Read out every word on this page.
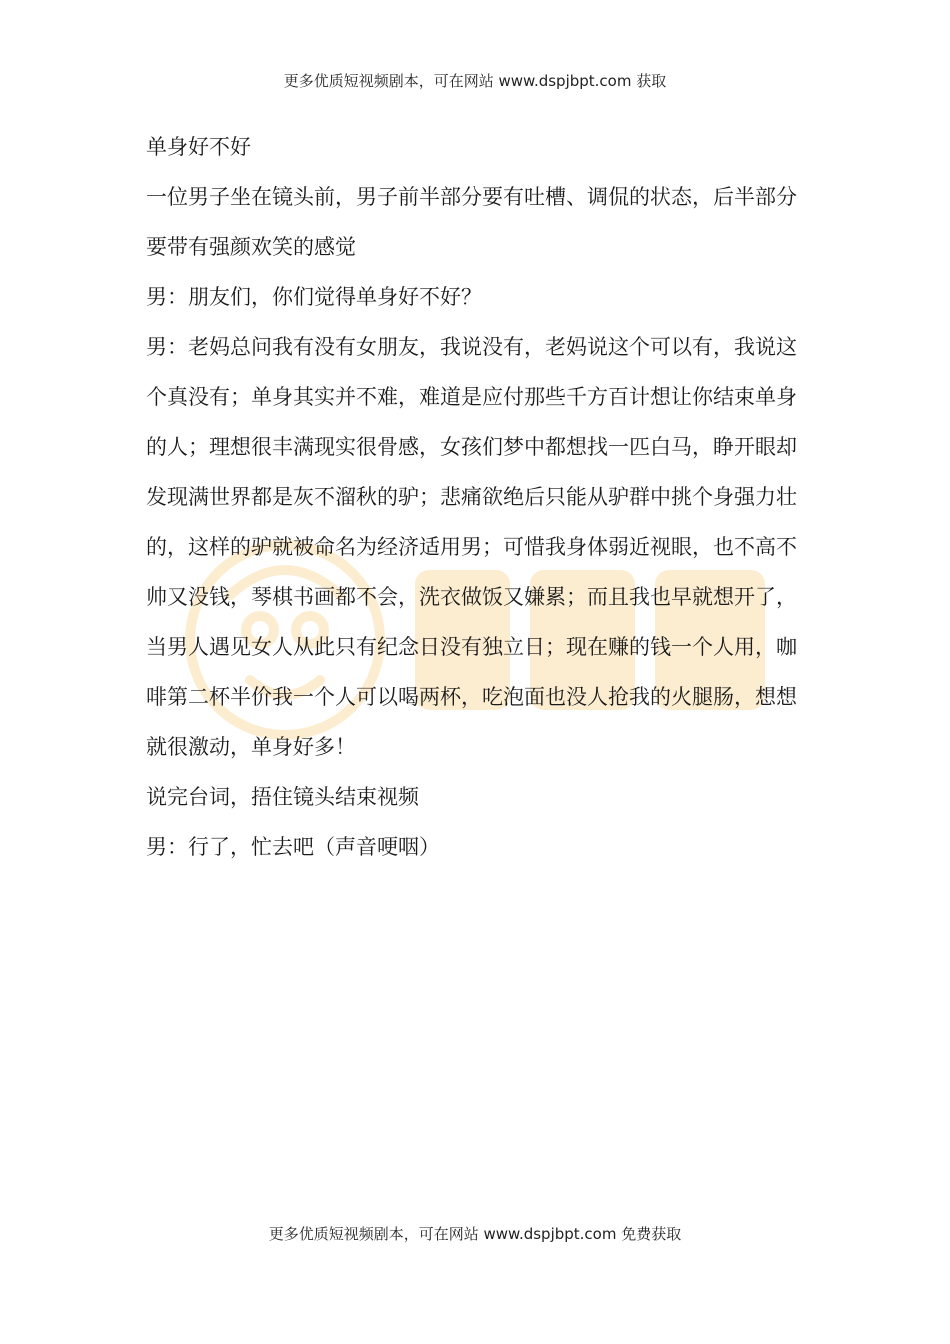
更多优质短视频剧本，可在网站 www.dspjbpt.com 获取

单身好不好

一位男子坐在镜头前，男子前半部分要有吐槽、调侃的状态，后半部分要带有强颜欢笑的感觉

男：朋友们，你们觉得单身好不好？

男：老妈总问我有没有女朋友，我说没有，老妈说这个可以有，我说这个真没有；单身其实并不难，难道是应付那些千方百计想让你结束单身的人；理想很丰满现实很骨感，女孩们梦中都想找一匹白马，睁开眼却发现满世界都是灰不溜秋的驴；悲痛欲绝后只能从驴群中挑个身强力壮的，这样的驴就被命名为经济适用男；可惜我身体弱近视眼，也不高不帅又没钱，琴棋书画都不会，洗衣做饭又嫌累；而且我也早就想开了，当男人遇见女人从此只有纪念日没有独立日；现在赚的钱一个人用，咖啡第二杯半价我一个人可以喝两杯，吃泡面也没人抢我的火腿肠，想想就很激动，单身好多！

说完台词，捂住镜头结束视频

男：行了，忙去吧（声音哽咽）

更多优质短视频剧本，可在网站 www.dspjbpt.com 免费获取
